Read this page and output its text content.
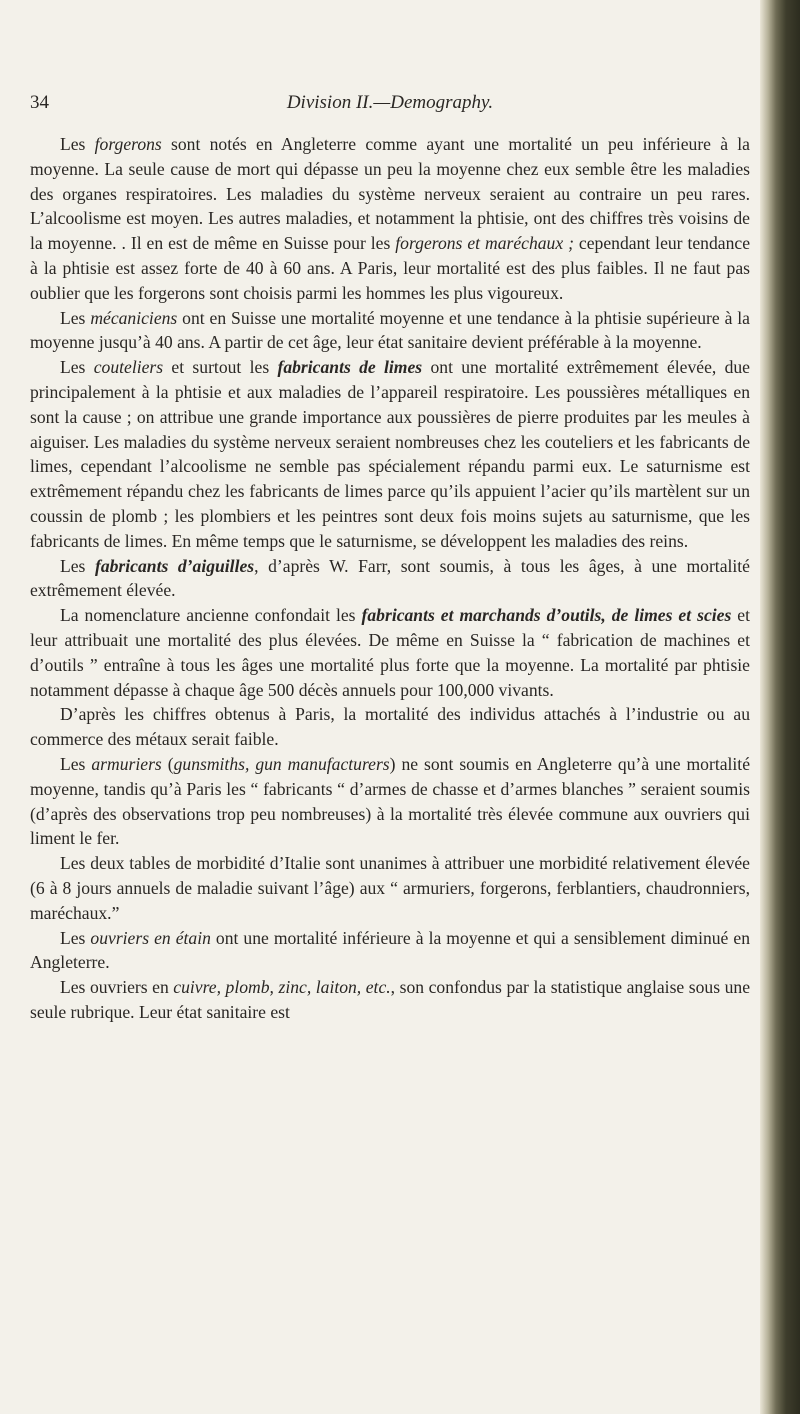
34	Division II.—Demography.

Les forgerons sont notés en Angleterre comme ayant une mortalité un peu inférieure à la moyenne. La seule cause de mort qui dépasse un peu la moyenne chez eux semble être les maladies des organes respiratoires. Les maladies du système nerveux seraient au contraire un peu rares. L’alcoolisme est moyen. Les autres maladies, et notamment la phtisie, ont des chiffres très voisins de la moyenne. . Il en est de même en Suisse pour les forgerons et maréchaux ; cependant leur tendance à la phtisie est assez forte de 40 à 60 ans. A Paris, leur mortalité est des plus faibles. Il ne faut pas oublier que les forgerons sont choisis parmi les hommes les plus vigoureux.

Les mécaniciens ont en Suisse une mortalité moyenne et une tendance à la phtisie supérieure à la moyenne jusqu’à 40 ans. A partir de cet âge, leur état sanitaire devient préférable à la moyenne.

Les couteliers et surtout les fabricants de limes ont une mortalité extrêmement élevée, due principalement à la phtisie et aux maladies de l’appareil respiratoire. Les poussières métalliques en sont la cause ; on attribue une grande importance aux poussières de pierre produites par les meules à aiguiser. Les maladies du système nerveux seraient nombreuses chez les couteliers et les fabricants de limes, cependant l’alcoolisme ne semble pas spécialement répandu parmi eux. Le saturnisme est extrêmement répandu chez les fabricants de limes parce qu’ils appuient l’acier qu’ils martèlent sur un coussin de plomb ; les plombiers et les peintres sont deux fois moins sujets au saturnisme, que les fabricants de limes. En même temps que le saturnisme, se développent les maladies des reins.

Les fabricants d’aiguilles, d’après W. Farr, sont soumis, à tous les âges, à une mortalité extrêmement élevée.

La nomenclature ancienne confondait les fabricants et marchands d’outils, de limes et scies et leur attribuait une mortalité des plus élevées. De même en Suisse la “ fabrication de machines et d’outils ” entraîne à tous les âges une mortalité plus forte que la moyenne. La mortalité par phtisie notamment dépasse à chaque âge 500 décès annuels pour 100,000 vivants.

D’après les chiffres obtenus à Paris, la mortalité des individus attachés à l’industrie ou au commerce des métaux serait faible.

Les armuriers (gunsmiths, gun manufacturers) ne sont soumis en Angleterre qu’à une mortalité moyenne, tandis qu’à Paris les “ fabricants “ d’armes de chasse et d’armes blanches ” seraient soumis (d’après des observations trop peu nombreuses) à la mortalité très élevée commune aux ouvriers qui liment le fer.

Les deux tables de morbidité d’Italie sont unanimes à attribuer une morbidité relativement élevée (6 à 8 jours annuels de maladie suivant l’âge) aux “ armuriers, forgerons, ferblantiers, chaudronniers, maréchaux.”

Les ouvriers en étain ont une mortalité inférieure à la moyenne et qui a sensiblement diminué en Angleterre.

Les ouvriers en cuivre, plomb, zinc, laiton, etc., son confondus par la statistique anglaise sous une seule rubrique. Leur état sanitaire est
